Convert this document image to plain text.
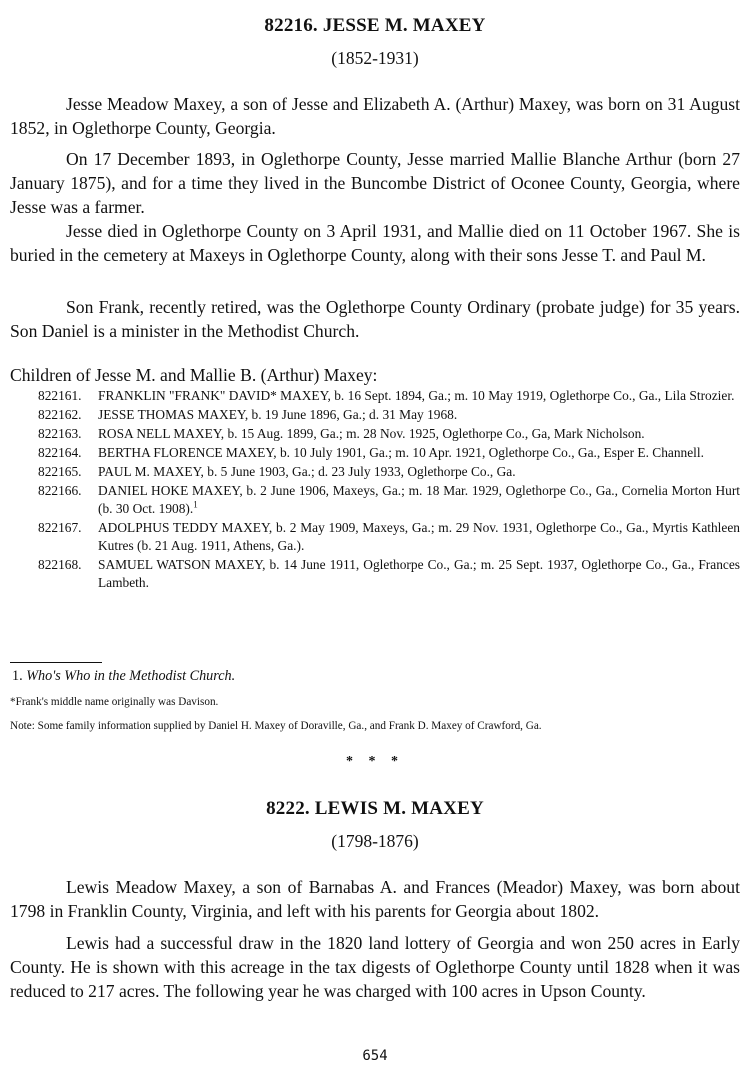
82216. JESSE M. MAXEY
(1852-1931)

Jesse Meadow Maxey, a son of Jesse and Elizabeth A. (Arthur) Maxey, was born on 31 August 1852, in Oglethorpe County, Georgia.

On 17 December 1893, in Oglethorpe County, Jesse married Mallie Blanche Arthur (born 27 January 1875), and for a time they lived in the Buncombe District of Oconee County, Georgia, where Jesse was a farmer.

Jesse died in Oglethorpe County on 3 April 1931, and Mallie died on 11 October 1967. She is buried in the cemetery at Maxeys in Oglethorpe County, along with their sons Jesse T. and Paul M.

Son Frank, recently retired, was the Oglethorpe County Ordinary (probate judge) for 35 years. Son Daniel is a minister in the Methodist Church.

Children of Jesse M. and Mallie B. (Arthur) Maxey:
822161. FRANKLIN "FRANK" DAVID* MAXEY, b. 16 Sept. 1894, Ga.; m. 10 May 1919, Oglethorpe Co., Ga., Lila Strozier.
822162. JESSE THOMAS MAXEY, b. 19 June 1896, Ga.; d. 31 May 1968.
822163. ROSA NELL MAXEY, b. 15 Aug. 1899, Ga.; m. 28 Nov. 1925, Oglethorpe Co., Ga, Mark Nicholson.
822164. BERTHA FLORENCE MAXEY, b. 10 July 1901, Ga.; m. 10 Apr. 1921, Oglethorpe Co., Ga., Esper E. Channell.
822165. PAUL M. MAXEY, b. 5 June 1903, Ga.; d. 23 July 1933, Oglethorpe Co., Ga.
822166. DANIEL HOKE MAXEY, b. 2 June 1906, Maxeys, Ga.; m. 18 Mar. 1929, Oglethorpe Co., Ga., Cornelia Morton Hurt (b. 30 Oct. 1908).$^1$
822167. ADOLPHUS TEDDY MAXEY, b. 2 May 1909, Maxeys, Ga.; m. 29 Nov. 1931, Oglethorpe Co., Ga., Myrtis Kathleen Kutres (b. 21 Aug. 1911, Athens, Ga.).
822168. SAMUEL WATSON MAXEY, b. 14 June 1911, Oglethorpe Co., Ga.; m. 25 Sept. 1937, Oglethorpe Co., Ga., Frances Lambeth.
1. Who's Who in the Methodist Church.
*Frank's middle name originally was Davison.
Note: Some family information supplied by Daniel H. Maxey of Doraville, Ga., and Frank D. Maxey of Crawford, Ga.
* * *
8222. LEWIS M. MAXEY
(1798-1876)

Lewis Meadow Maxey, a son of Barnabas A. and Frances (Meador) Maxey, was born about 1798 in Franklin County, Virginia, and left with his parents for Georgia about 1802.

Lewis had a successful draw in the 1820 land lottery of Georgia and won 250 acres in Early County. He is shown with this acreage in the tax digests of Oglethorpe County until 1828 when it was reduced to 217 acres. The following year he was charged with 100 acres in Upson County.

654
